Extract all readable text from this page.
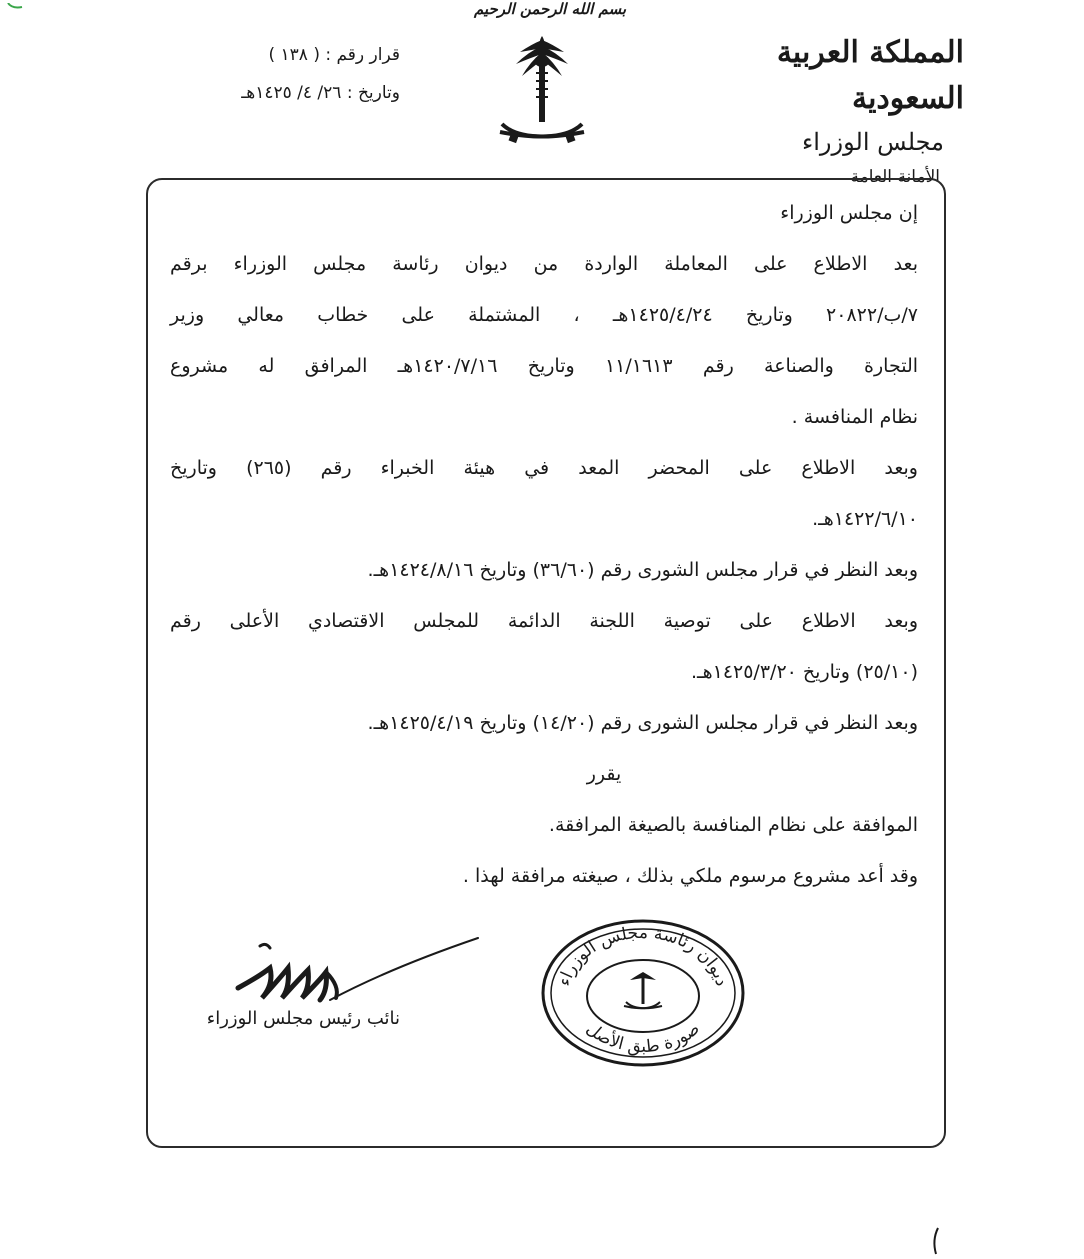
بسم الله الرحمن الرحيم
المملكة العربية السعودية
مجلس الوزراء
الأمانة العامة
قرار رقم : ( ١٣٨ )
وتاريخ : ٢٦/ ٤/ ١٤٢٥هـ

إن مجلس الوزراء

بعد الاطلاع على المعاملة الواردة من ديوان رئاسة مجلس الوزراء برقم

٧/ب/٢٠٨٢٢ وتاريخ ١٤٢٥/٤/٢٤هـ ، المشتملة على خطاب معالي وزير

التجارة والصناعة رقم ١١/١٦١٣ وتاريخ ١٤٢٠/٧/١٦هـ المرافق له مشروع

نظام المنافسة .

وبعد الاطلاع على المحضر المعد في هيئة الخبراء رقم (٢٦٥) وتاريخ

١٤٢٢/٦/١٠هـ.

وبعد النظر في قرار مجلس الشورى رقم (٣٦/٦٠) وتاريخ ١٤٢٤/٨/١٦هـ.

وبعد الاطلاع على توصية اللجنة الدائمة للمجلس الاقتصادي الأعلى رقم

(٢٥/١٠) وتاريخ ١٤٢٥/٣/٢٠هـ.

وبعد النظر في قرار مجلس الشورى رقم (١٤/٢٠) وتاريخ ١٤٢٥/٤/١٩هـ.

يقرر

الموافقة على نظام المنافسة بالصيغة المرافقة.

وقد أعد مشروع مرسوم ملكي بذلك ، صيغته مرافقة لهذا .

ديوان رئاسة مجلس الوزراء
صورة طبق الأصل
نائب رئيس مجلس الوزراء
